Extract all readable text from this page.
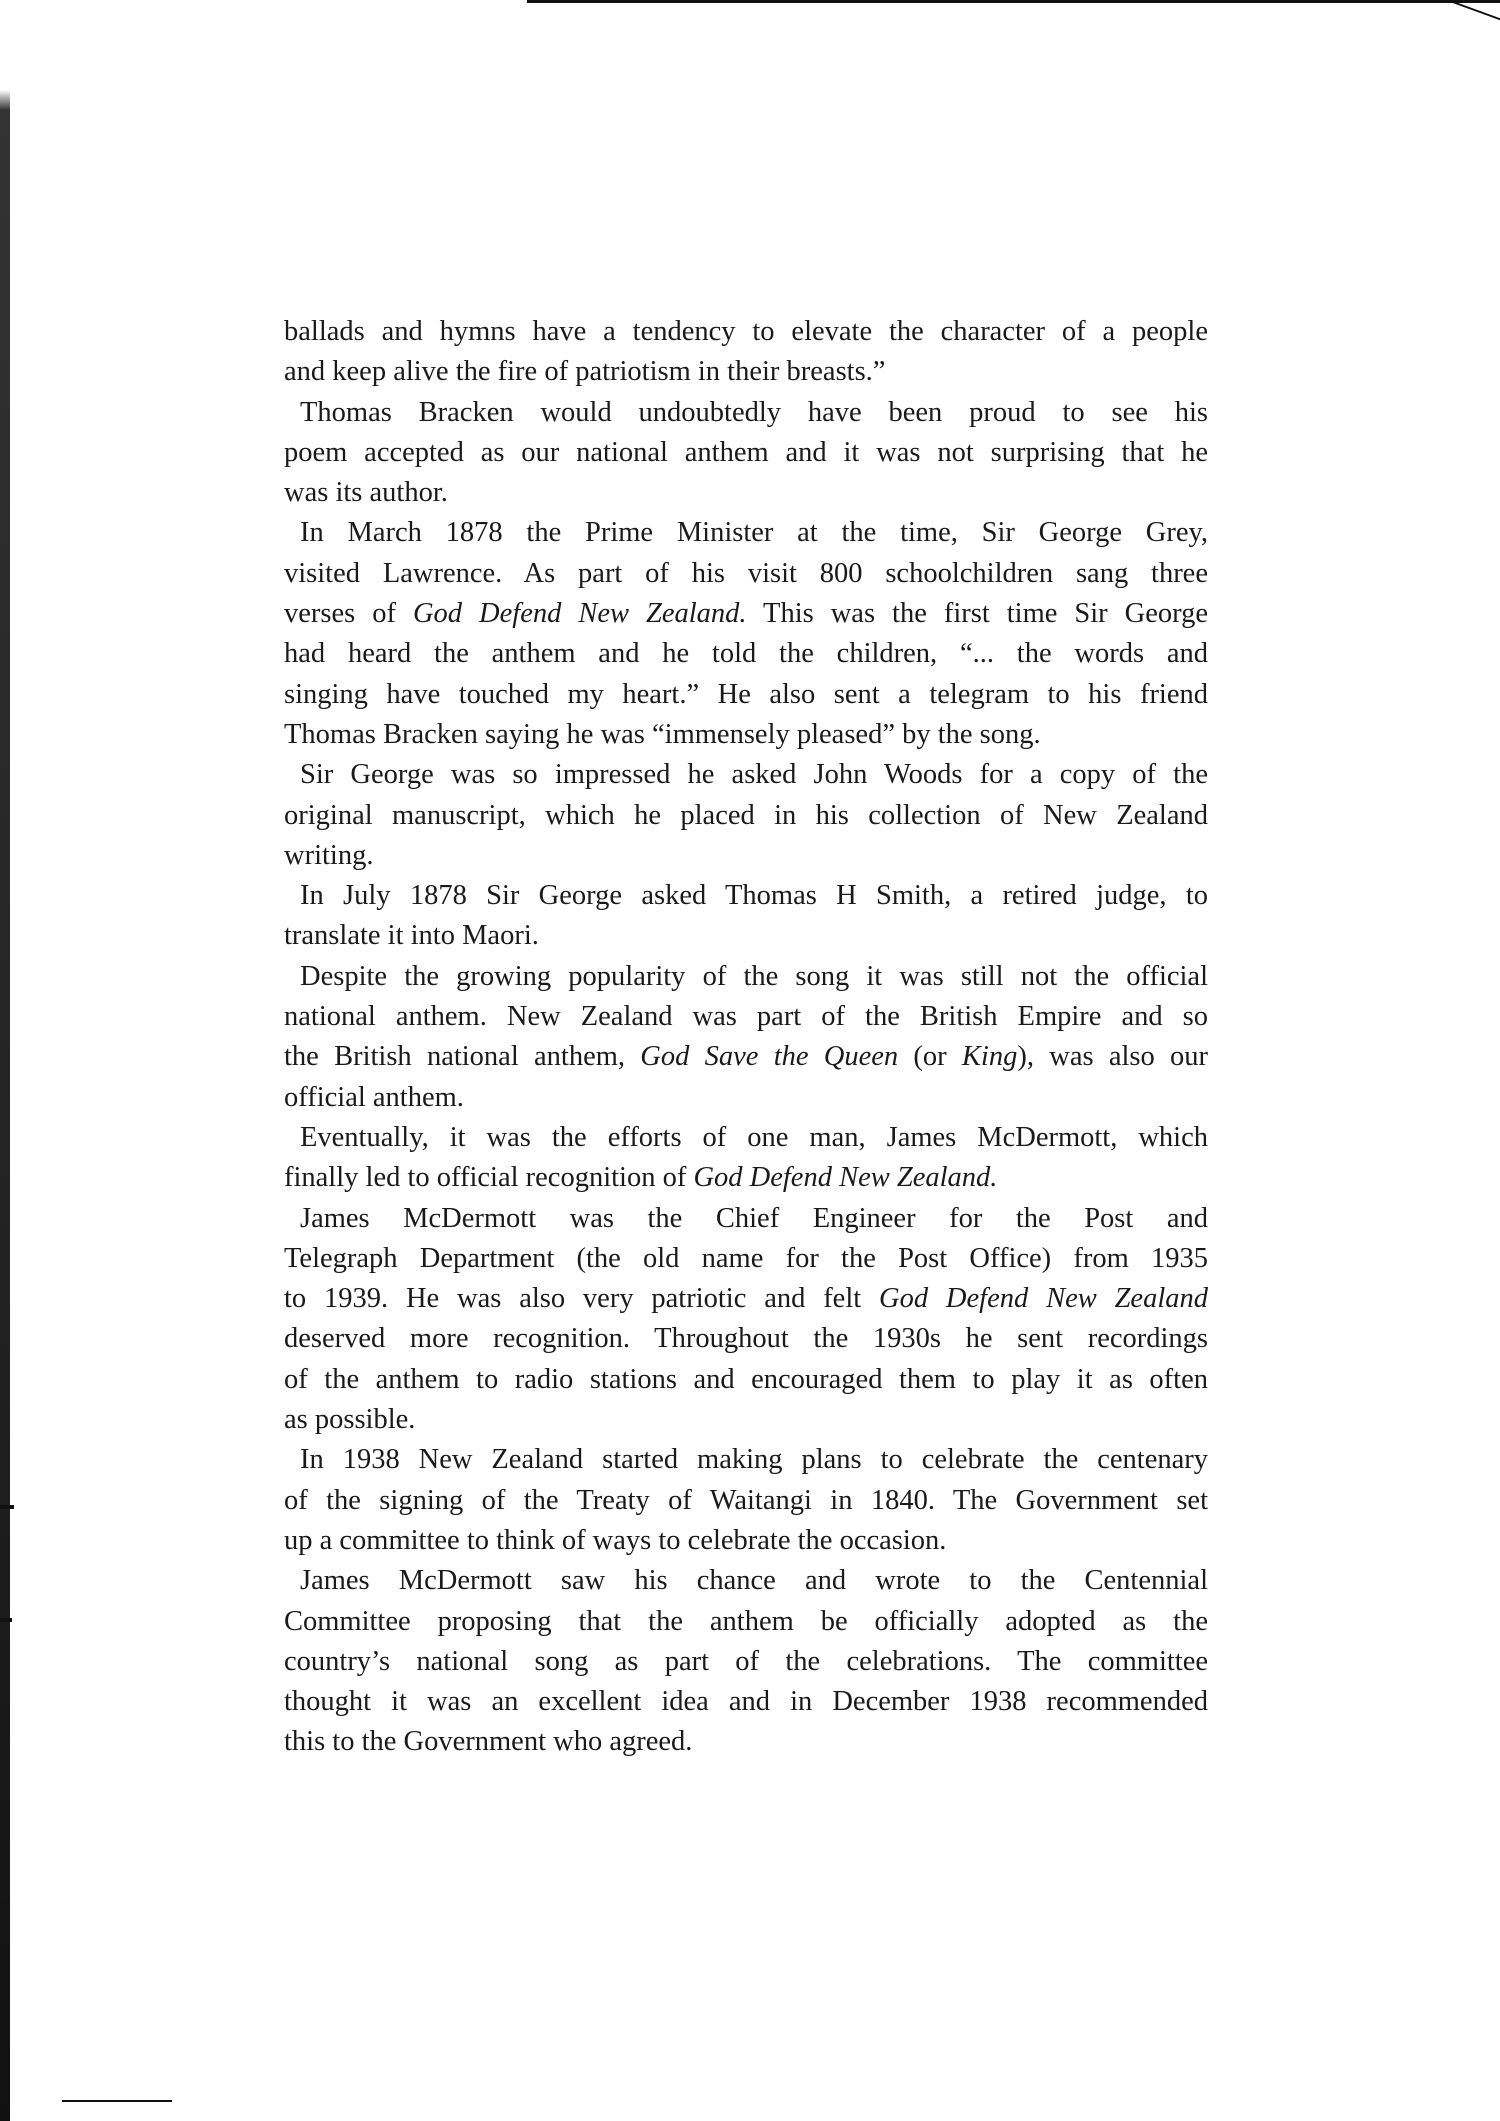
ballads and hymns have a tendency to elevate the character of a people
and keep alive the fire of patriotism in their breasts.”
Thomas Bracken would undoubtedly have been proud to see his
poem accepted as our national anthem and it was not surprising that he
was its author.
In March 1878 the Prime Minister at the time, Sir George Grey,
visited Lawrence. As part of his visit 800 schoolchildren sang three
verses of God Defend New Zealand. This was the first time Sir George
had heard the anthem and he told the children, “... the words and
singing have touched my heart.” He also sent a telegram to his friend
Thomas Bracken saying he was “immensely pleased” by the song.
Sir George was so impressed he asked John Woods for a copy of the
original manuscript, which he placed in his collection of New Zealand
writing.
In July 1878 Sir George asked Thomas H Smith, a retired judge, to
translate it into Maori.
Despite the growing popularity of the song it was still not the official
national anthem. New Zealand was part of the British Empire and so
the British national anthem, God Save the Queen (or King), was also our
official anthem.
Eventually, it was the efforts of one man, James McDermott, which
finally led to official recognition of God Defend New Zealand.
James McDermott was the Chief Engineer for the Post and
Telegraph Department (the old name for the Post Office) from 1935
to 1939. He was also very patriotic and felt God Defend New Zealand
deserved more recognition. Throughout the 1930s he sent recordings
of the anthem to radio stations and encouraged them to play it as often
as possible.
In 1938 New Zealand started making plans to celebrate the centenary
of the signing of the Treaty of Waitangi in 1840. The Government set
up a committee to think of ways to celebrate the occasion.
James McDermott saw his chance and wrote to the Centennial
Committee proposing that the anthem be officially adopted as the
country’s national song as part of the celebrations. The committee
thought it was an excellent idea and in December 1938 recommended
this to the Government who agreed.
